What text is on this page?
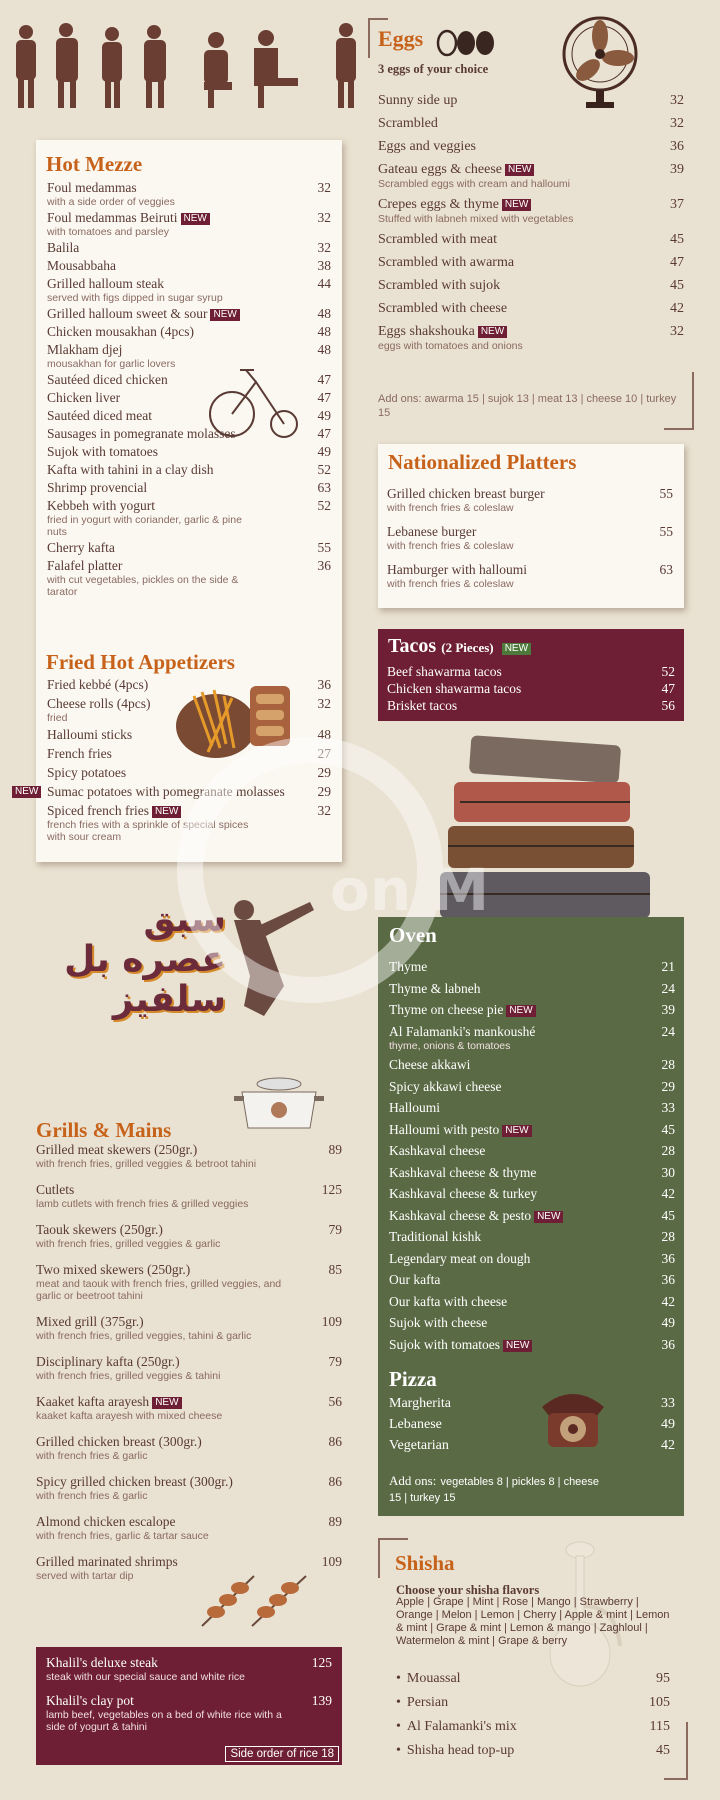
Hot Mezze
Foul medammas	32
with a side order of veggies
Foul medammas Beiruti NEW	32
with tomatoes and parsley
Balila	32
Mousabbaha	38
Grilled halloum steak	44
served with figs dipped in sugar syrup
Grilled halloum sweet & sour NEW	48
Chicken mousakhan (4pcs)	48
Mlakham djej	48
mousakhan for garlic lovers
Sautéed diced chicken	47
Chicken liver	47
Sautéed diced meat	49
Sausages in pomegranate molasses	47
Sujok with tomatoes	49
Kafta with tahini in a clay dish	52
Shrimp provencial	63
Kebbeh with yogurt	52
fried in yogurt with coriander, garlic & pine nuts
Cherry kafta	55
Falafel platter	36
with cut vegetables, pickles on the side & tarator
Fried Hot Appetizers
Fried kebbé (4pcs)	36
Cheese rolls (4pcs)	32
fried
Halloumi sticks	48
French fries	27
Spicy potatoes	29
Sumac potatoes with pomegranate molasses 29
NEW
Spiced french fries NEW	32
french fries with a sprinkle of special spices with sour cream
Eggs
3 eggs of your choice
Sunny side up	32
Scrambled	32
Eggs and veggies	36
Gateau eggs & cheese NEW	39
Scrambled eggs with cream and halloumi
Crepes eggs & thyme NEW	37
Stuffed with labneh mixed with vegetables
Scrambled with meat	45
Scrambled with awarma	47
Scrambled with sujok	45
Scrambled with cheese	42
Eggs shakshouka NEW	32
eggs with tomatoes and onions
Add ons: awarma 15 | sujok 13 | meat 13 | cheese 10 | turkey 15
Nationalized Platters
Grilled chicken breast burger	55
with french fries & coleslaw
Lebanese burger	55
with french fries & coleslaw
Hamburger with halloumi	63
with french fries & coleslaw
Tacos (2 Pieces) NEW
Beef shawarma tacos	52
Chicken shawarma tacos	47
Brisket tacos	56
سبق عصره بل سلفيز
Grills & Mains
Grilled meat skewers (250gr.)	89
with french fries, grilled veggies & betroot tahini
Cutlets	125
lamb cutlets with french fries & grilled veggies
Taouk skewers (250gr.)	79
with french fries, grilled veggies & garlic
Two mixed skewers (250gr.)	85
meat and taouk with french fries, grilled veggies, and garlic or beetroot tahini
Mixed grill (375gr.)	109
with french fries, grilled veggies, tahini & garlic
Disciplinary kafta (250gr.)	79
with french fries, grilled veggies & tahini
Kaaket kafta arayesh NEW	56
kaaket kafta arayesh with mixed cheese
Grilled chicken breast (300gr.)	86
with french fries & garlic
Spicy grilled chicken breast (300gr.)	86
with french fries & garlic
Almond chicken escalope	89
with french fries, garlic & tartar sauce
Grilled marinated shrimps	109
served with tartar dip
Khalil's deluxe steak	125
steak with our special sauce and white rice
Khalil's clay pot	139
lamb beef, vegetables on a bed of white rice with a side of yogurt & tahini
Side order of rice 18
Oven
Thyme	21
Thyme & labneh	24
Thyme on cheese pie NEW	39
Al Falamanki's mankoushé	24
thyme, onions & tomatoes
Cheese akkawi	28
Spicy akkawi cheese	29
Halloumi	33
Halloumi with pesto NEW	45
Kashkaval cheese	28
Kashkaval cheese & thyme	30
Kashkaval cheese & turkey	42
Kashkaval cheese & pesto NEW	45
Traditional kishk	28
Legendary meat on dough	36
Our kafta	36
Our kafta with cheese	42
Sujok with cheese	49
Sujok with tomatoes NEW	36
Pizza
Margherita	33
Lebanese	49
Vegetarian	42
Add ons: vegetables 8 | pickles 8 | cheese 15 | turkey 15
Shisha
Choose your shisha flavors
Apple | Grape | Mint | Rose | Mango | Strawberry | Orange | Melon | Lemon | Cherry | Apple & mint | Lemon & mint | Grape & mint | Lemon & mango | Zaghloul | Watermelon & mint | Grape & berry
• Mouassal	95
• Persian	105
• Al Falamanki's mix	115
• Shisha head top-up	45
on M
